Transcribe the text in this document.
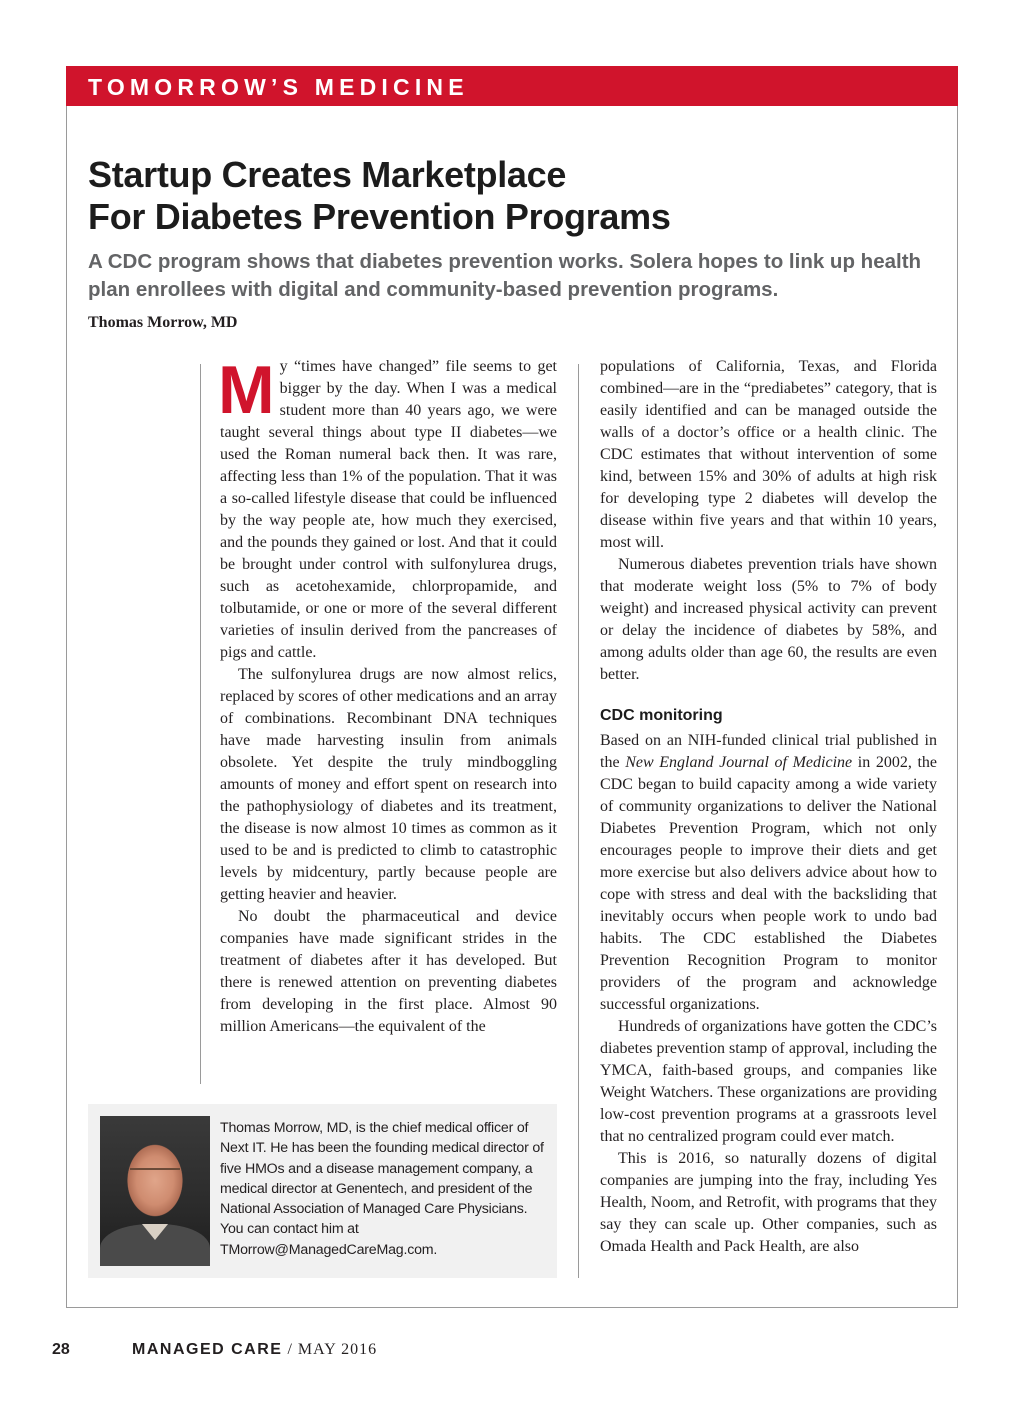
TOMORROW’S MEDICINE
Startup Creates Marketplace
For Diabetes Prevention Programs

A CDC program shows that diabetes prevention works. Solera hopes to link up health plan enrollees with digital and community-based prevention programs.

Thomas Morrow, MD

My “times have changed” file seems to get bigger by the day. When I was a medical student more than 40 years ago, we were taught several things about type II diabetes—we used the Roman numeral back then. It was rare, affecting less than 1% of the population. That it was a so-called lifestyle disease that could be influenced by the way people ate, how much they exercised, and the pounds they gained or lost. And that it could be brought under control with sulfonylurea drugs, such as acetohexamide, chlorpropamide, and tolbutamide, or one or more of the several different varieties of insulin derived from the pancreases of pigs and cattle.

The sulfonylurea drugs are now almost relics, replaced by scores of other medications and an array of combinations. Recombinant DNA techniques have made harvesting insulin from animals obsolete. Yet despite the truly mindboggling amounts of money and effort spent on research into the pathophysiology of diabetes and its treatment, the disease is now almost 10 times as common as it used to be and is predicted to climb to catastrophic levels by midcentury, partly because people are getting heavier and heavier.

No doubt the pharmaceutical and device companies have made significant strides in the treatment of diabetes after it has developed. But there is renewed attention on preventing diabetes from developing in the first place. Almost 90 million Americans—the equivalent of the

populations of California, Texas, and Florida combined—are in the “prediabetes” category, that is easily identified and can be managed outside the walls of a doctor’s office or a health clinic. The CDC estimates that without intervention of some kind, between 15% and 30% of adults at high risk for developing type 2 diabetes will develop the disease within five years and that within 10 years, most will.

Numerous diabetes prevention trials have shown that moderate weight loss (5% to 7% of body weight) and increased physical activity can prevent or delay the incidence of diabetes by 58%, and among adults older than age 60, the results are even better.

CDC monitoring

Based on an NIH-funded clinical trial published in the New England Journal of Medicine in 2002, the CDC began to build capacity among a wide variety of community organizations to deliver the National Diabetes Prevention Program, which not only encourages people to improve their diets and get more exercise but also delivers advice about how to cope with stress and deal with the backsliding that inevitably occurs when people work to undo bad habits. The CDC established the Diabetes Prevention Recognition Program to monitor providers of the program and acknowledge successful organizations.

Hundreds of organizations have gotten the CDC’s diabetes prevention stamp of approval, including the YMCA, faith-based groups, and companies like Weight Watchers. These organizations are providing low-cost prevention programs at a grassroots level that no centralized program could ever match.

This is 2016, so naturally dozens of digital companies are jumping into the fray, including Yes Health, Noom, and Retrofit, with programs that they say they can scale up. Other companies, such as Omada Health and Pack Health, are also

Thomas Morrow, MD, is the chief medical officer of Next IT. He has been the founding medical director of five HMOs and a disease management company, a medical director at Genentech, and president of the National Association of Managed Care Physicians. You can contact him at TMorrow@ManagedCareMag.com.

28	MANAGED CARE / MAY 2016
